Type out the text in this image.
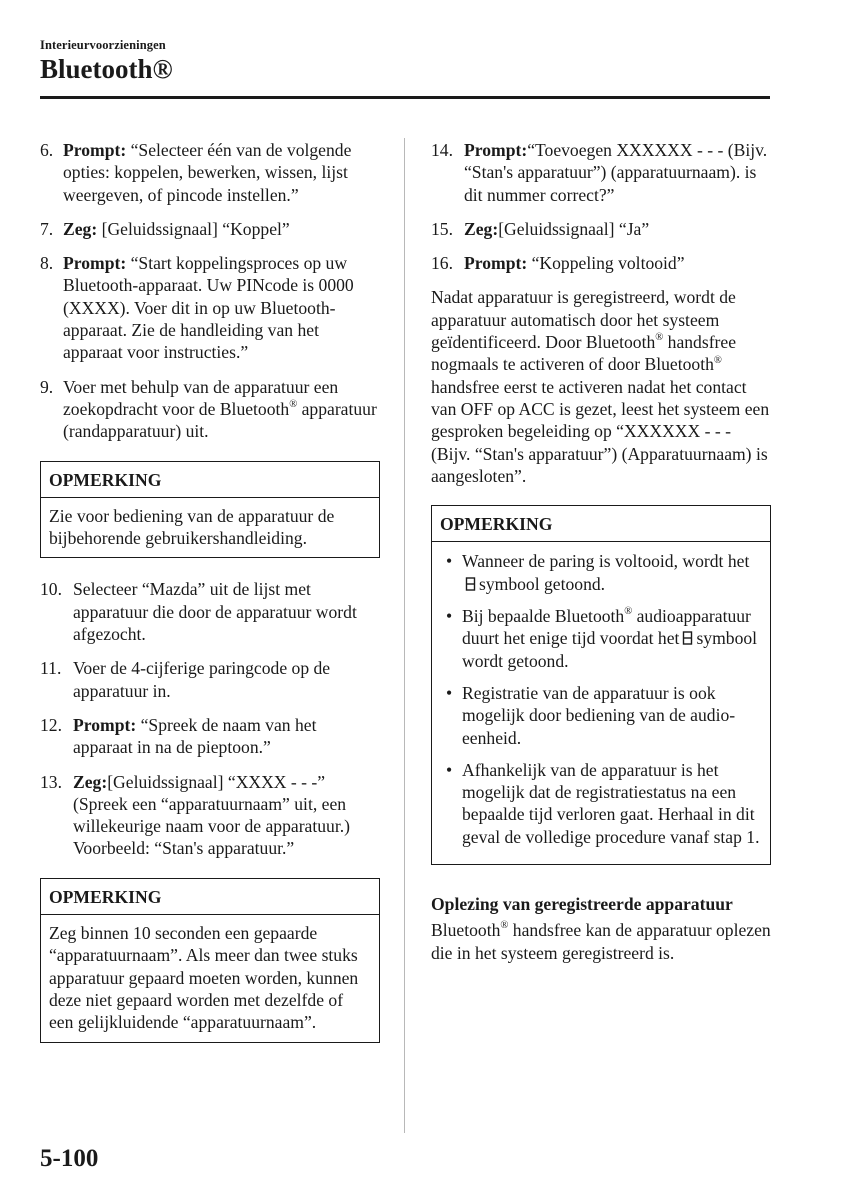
Interieurvoorzieningen
Bluetooth®
6. Prompt: “Selecteer één van de volgende opties: koppelen, bewerken, wissen, lijst weergeven, of pincode instellen.”
7. Zeg: [Geluidssignaal] “Koppel”
8. Prompt: “Start koppelingsproces op uw Bluetooth-apparaat. Uw PINcode is 0000 (XXXX). Voer dit in op uw Bluetooth-apparaat. Zie de handleiding van het apparaat voor instructies.”
9. Voer met behulp van de apparatuur een zoekopdracht voor de Bluetooth® apparatuur (randapparatuur) uit.
OPMERKING
Zie voor bediening van de apparatuur de bijbehorende gebruikershandleiding.
10. Selecteer “Mazda” uit de lijst met apparatuur die door de apparatuur wordt afgezocht.
11. Voer de 4-cijferige paringcode op de apparatuur in.
12. Prompt: “Spreek de naam van het apparaat in na de pieptoon.”
13. Zeg:[Geluidssignaal] “XXXX - - -” (Spreek een “apparatuurnaam” uit, een willekeurige naam voor de apparatuur.)
Voorbeeld: “Stan's apparatuur.”
OPMERKING
Zeg binnen 10 seconden een gepaarde “apparatuurnaam”. Als meer dan twee stuks apparatuur gepaard moeten worden, kunnen deze niet gepaard worden met dezelfde of een gelijkluidende “apparatuurnaam”.
14. Prompt:“Toevoegen XXXXXX - - - (Bijv. “Stan's apparatuur”) (apparatuurnaam). is dit nummer correct?”
15. Zeg:[Geluidssignaal] “Ja”
16. Prompt: “Koppeling voltooid”

Nadat apparatuur is geregistreerd, wordt de apparatuur automatisch door het systeem geïdentificeerd. Door Bluetooth® handsfree nogmaals te activeren of door Bluetooth® handsfree eerst te activeren nadat het contact van OFF op ACC is gezet, leest het systeem een gesproken begeleiding op “XXXXXX - - - (Bijv. “Stan's apparatuur”) (Apparatuurnaam) is aangesloten”.

OPMERKING
• Wanneer de paring is voltooid, wordt hetsymbool getoond.
• Bij bepaalde Bluetooth® audioapparatuur duurt het enige tijd voordat het symbool wordt getoond.
• Registratie van de apparatuur is ook mogelijk door bediening van de audio-eenheid.
• Afhankelijk van de apparatuur is het mogelijk dat de registratiestatus na een bepaalde tijd verloren gaat. Herhaal in dit geval de volledige procedure vanaf stap 1.
Oplezing van geregistreerde apparatuur

Bluetooth® handsfree kan de apparatuur oplezen die in het systeem geregistreerd is.

5-100
